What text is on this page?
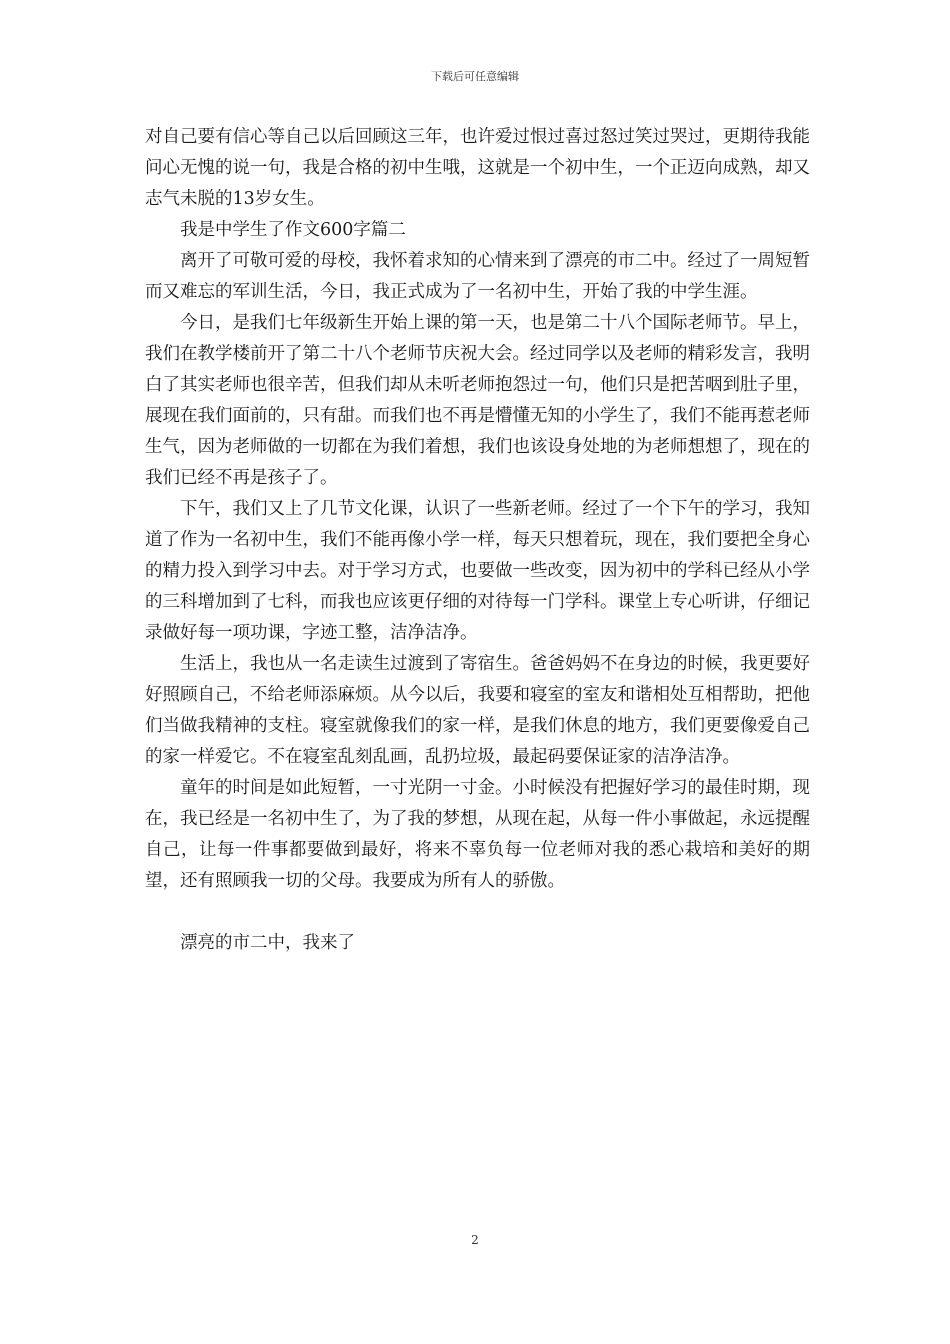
下载后可任意编辑

对自己要有信心等自己以后回顾这三年，也许爱过恨过喜过怒过笑过哭过，更期待我能问心无愧的说一句，我是合格的初中生哦，这就是一个初中生，一个正迈向成熟，却又志气未脱的13岁女生。

我是中学生了作文600字篇二

离开了可敬可爱的母校，我怀着求知的心情来到了漂亮的市二中。经过了一周短暂而又难忘的军训生活，今日，我正式成为了一名初中生，开始了我的中学生涯。

今日，是我们七年级新生开始上课的第一天，也是第二十八个国际老师节。早上，我们在教学楼前开了第二十八个老师节庆祝大会。经过同学以及老师的精彩发言，我明白了其实老师也很辛苦，但我们却从未听老师抱怨过一句，他们只是把苦咽到肚子里，展现在我们面前的，只有甜。而我们也不再是懵懂无知的小学生了，我们不能再惹老师生气，因为老师做的一切都在为我们着想，我们也该设身处地的为老师想想了，现在的我们已经不再是孩子了。

下午，我们又上了几节文化课，认识了一些新老师。经过了一个下午的学习，我知道了作为一名初中生，我们不能再像小学一样，每天只想着玩，现在，我们要把全身心的精力投入到学习中去。对于学习方式，也要做一些改变，因为初中的学科已经从小学的三科增加到了七科，而我也应该更仔细的对待每一门学科。课堂上专心听讲，仔细记录做好每一项功课，字迹工整，洁净洁净。

生活上，我也从一名走读生过渡到了寄宿生。爸爸妈妈不在身边的时候，我更要好好照顾自己，不给老师添麻烦。从今以后，我要和寝室的室友和谐相处互相帮助，把他们当做我精神的支柱。寝室就像我们的家一样，是我们休息的地方，我们更要像爱自己的家一样爱它。不在寝室乱刻乱画，乱扔垃圾，最起码要保证家的洁净洁净。

童年的时间是如此短暂，一寸光阴一寸金。小时候没有把握好学习的最佳时期，现在，我已经是一名初中生了，为了我的梦想，从现在起，从每一件小事做起，永远提醒自己，让每一件事都要做到最好，将来不辜负每一位老师对我的悉心栽培和美好的期望，还有照顾我一切的父母。我要成为所有人的骄傲。

漂亮的市二中，我来了

2
